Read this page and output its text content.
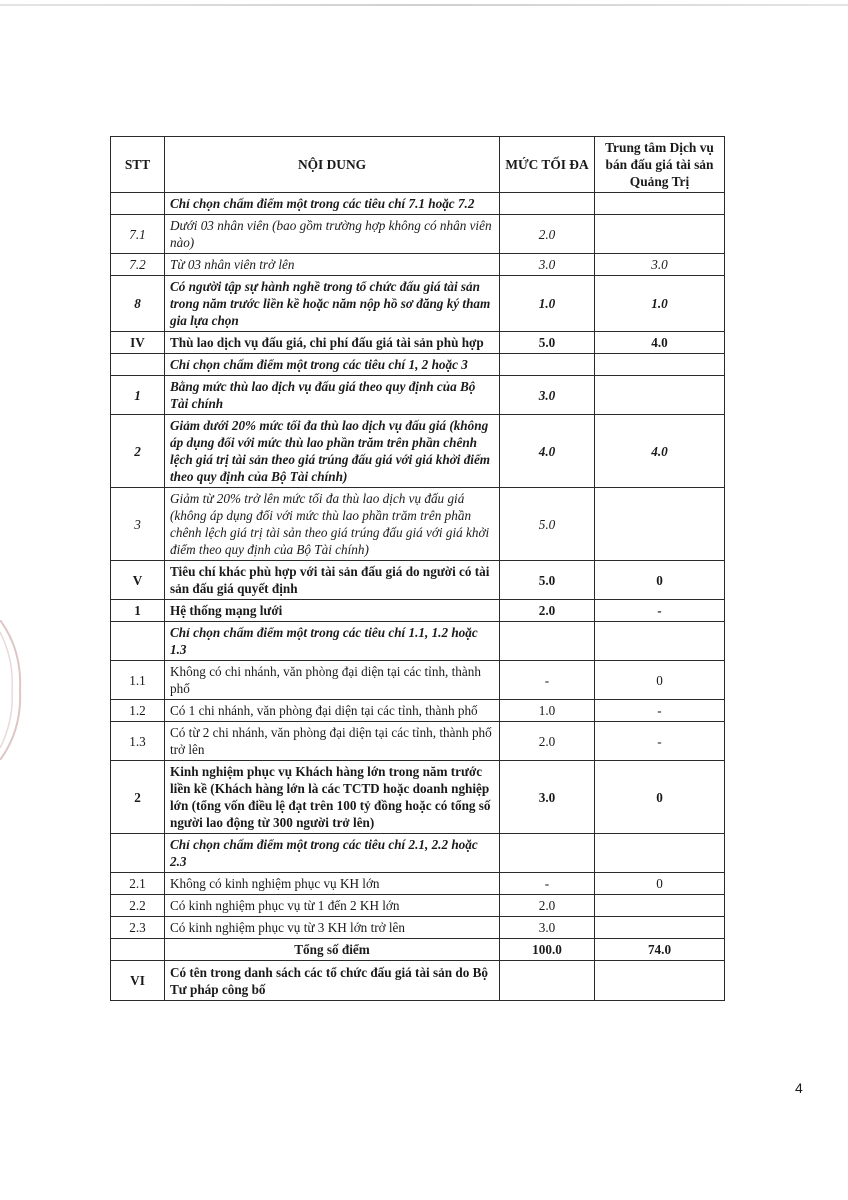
STT	NỘI DUNG	MỨC TỐI ĐA	Trung tâm Dịch vụ bán đấu giá tài sản Quảng Trị
	Chỉ chọn chấm điểm một trong các tiêu chí 7.1 hoặc 7.2		
7.1	Dưới 03 nhân viên (bao gồm trường hợp không có nhân viên nào)	2.0	
7.2	Từ 03 nhân viên trở lên	3.0	3.0
8	Có người tập sự hành nghề trong tổ chức đấu giá tài sản trong năm trước liền kề hoặc năm nộp hồ sơ đăng ký tham gia lựa chọn	1.0	1.0
IV	Thù lao dịch vụ đấu giá, chi phí đấu giá tài sản phù hợp	5.0	4.0
	Chỉ chọn chấm điểm một trong các tiêu chí 1, 2 hoặc 3		
1	Bằng mức thù lao dịch vụ đấu giá theo quy định của Bộ Tài chính	3.0	
2	Giảm dưới 20% mức tối đa thù lao dịch vụ đấu giá (không áp dụng đối với mức thù lao phần trăm trên phần chênh lệch giá trị tài sản theo giá trúng đấu giá với giá khởi điểm theo quy định của Bộ Tài chính)	4.0	4.0
3	Giảm từ 20% trở lên mức tối đa thù lao dịch vụ đấu giá (không áp dụng đối với mức thù lao phần trăm trên phần chênh lệch giá trị tài sản theo giá trúng đấu giá với giá khởi điểm theo quy định của Bộ Tài chính)	5.0	
V	Tiêu chí khác phù hợp với tài sản đấu giá do người có tài sản đấu giá quyết định	5.0	0
1	Hệ thống mạng lưới	2.0	-
	Chỉ chọn chấm điểm một trong các tiêu chí 1.1, 1.2 hoặc 1.3		
1.1	Không có chi nhánh, văn phòng đại diện tại các tỉnh, thành phố	-	0
1.2	Có 1 chi nhánh, văn phòng đại diện tại các tỉnh, thành phố	1.0	-
1.3	Có từ 2 chi nhánh, văn phòng đại diện tại các tỉnh, thành phố trở lên	2.0	-
2	Kinh nghiệm phục vụ Khách hàng lớn trong năm trước liền kề (Khách hàng lớn là các TCTD hoặc doanh nghiệp lớn (tổng vốn điều lệ đạt trên 100 tỷ đồng hoặc có tổng số người lao động từ 300 người trở lên)	3.0	0
	Chỉ chọn chấm điểm một trong các tiêu chí 2.1, 2.2 hoặc 2.3		
2.1	Không có kinh nghiệm phục vụ KH lớn	-	0
2.2	Có kinh nghiệm phục vụ từ 1 đến 2 KH lớn	2.0	
2.3	Có kinh nghiệm phục vụ từ 3 KH lớn trở lên	3.0	
	Tổng số điểm	100.0	74.0
VI	Có tên trong danh sách các tổ chức đấu giá tài sản do Bộ Tư pháp công bố		
4
